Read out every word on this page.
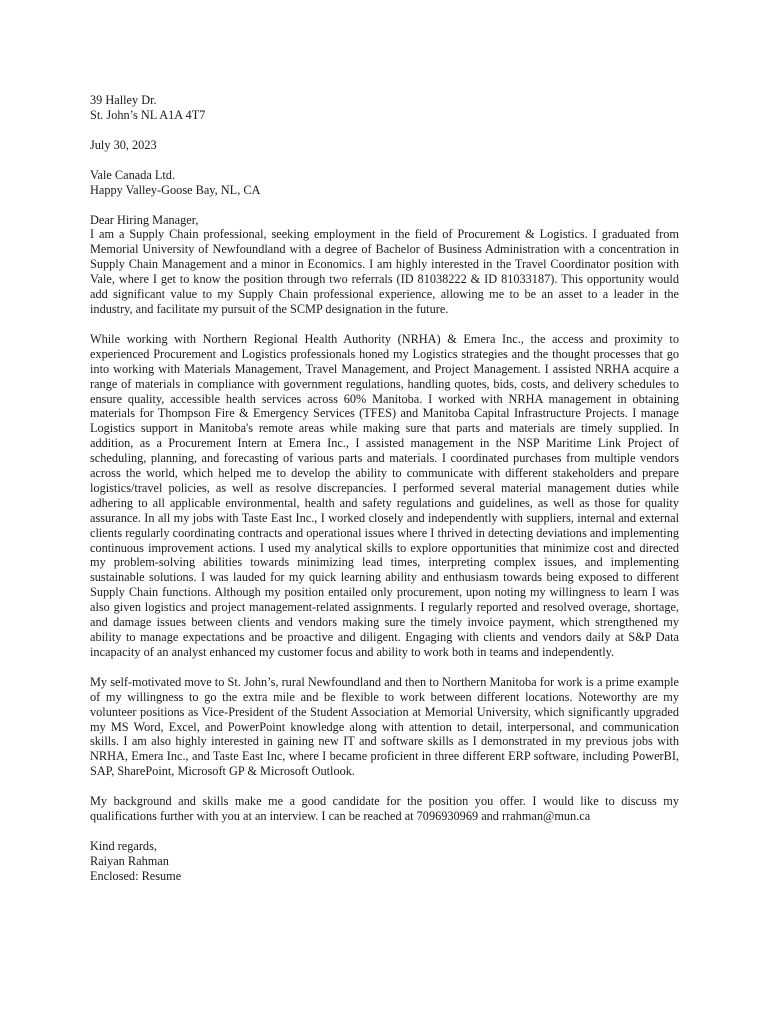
39 Halley Dr.
St. John’s NL A1A 4T7
July 30, 2023
Vale Canada Ltd.
Happy Valley-Goose Bay, NL, CA
Dear Hiring Manager,

I am a Supply Chain professional, seeking employment in the field of Procurement & Logistics. I graduated from Memorial University of Newfoundland with a degree of Bachelor of Business Administration with a concentration in Supply Chain Management and a minor in Economics. I am highly interested in the Travel Coordinator position with Vale, where I get to know the position through two referrals (ID 81038222 & ID 81033187). This opportunity would add significant value to my Supply Chain professional experience, allowing me to be an asset to a leader in the industry, and facilitate my pursuit of the SCMP designation in the future.

While working with Northern Regional Health Authority (NRHA) & Emera Inc., the access and proximity to experienced Procurement and Logistics professionals honed my Logistics strategies and the thought processes that go into working with Materials Management, Travel Management, and Project Management. I assisted NRHA acquire a range of materials in compliance with government regulations, handling quotes, bids, costs, and delivery schedules to ensure quality, accessible health services across 60% Manitoba. I worked with NRHA management in obtaining materials for Thompson Fire & Emergency Services (TFES) and Manitoba Capital Infrastructure Projects. I manage Logistics support in Manitoba's remote areas while making sure that parts and materials are timely supplied. In addition, as a Procurement Intern at Emera Inc., I assisted management in the NSP Maritime Link Project of scheduling, planning, and forecasting of various parts and materials. I coordinated purchases from multiple vendors across the world, which helped me to develop the ability to communicate with different stakeholders and prepare logistics/travel policies, as well as resolve discrepancies. I performed several material management duties while adhering to all applicable environmental, health and safety regulations and guidelines, as well as those for quality assurance. In all my jobs with Taste East Inc., I worked closely and independently with suppliers, internal and external clients regularly coordinating contracts and operational issues where I thrived in detecting deviations and implementing continuous improvement actions. I used my analytical skills to explore opportunities that minimize cost and directed my problem-solving abilities towards minimizing lead times, interpreting complex issues, and implementing sustainable solutions. I was lauded for my quick learning ability and enthusiasm towards being exposed to different Supply Chain functions. Although my position entailed only procurement, upon noting my willingness to learn I was also given logistics and project management-related assignments. I regularly reported and resolved overage, shortage, and damage issues between clients and vendors making sure the timely invoice payment, which strengthened my ability to manage expectations and be proactive and diligent. Engaging with clients and vendors daily at S&P Data incapacity of an analyst enhanced my customer focus and ability to work both in teams and independently.

My self-motivated move to St. John’s, rural Newfoundland and then to Northern Manitoba for work is a prime example of my willingness to go the extra mile and be flexible to work between different locations. Noteworthy are my volunteer positions as Vice-President of the Student Association at Memorial University, which significantly upgraded my MS Word, Excel, and PowerPoint knowledge along with attention to detail, interpersonal, and communication skills. I am also highly interested in gaining new IT and software skills as I demonstrated in my previous jobs with NRHA, Emera Inc., and Taste East Inc, where I became proficient in three different ERP software, including PowerBI, SAP, SharePoint, Microsoft GP & Microsoft Outlook.

My background and skills make me a good candidate for the position you offer. I would like to discuss my qualifications further with you at an interview. I can be reached at 7096930969 and rrahman@mun.ca

Kind regards,
Raiyan Rahman
Enclosed: Resume
